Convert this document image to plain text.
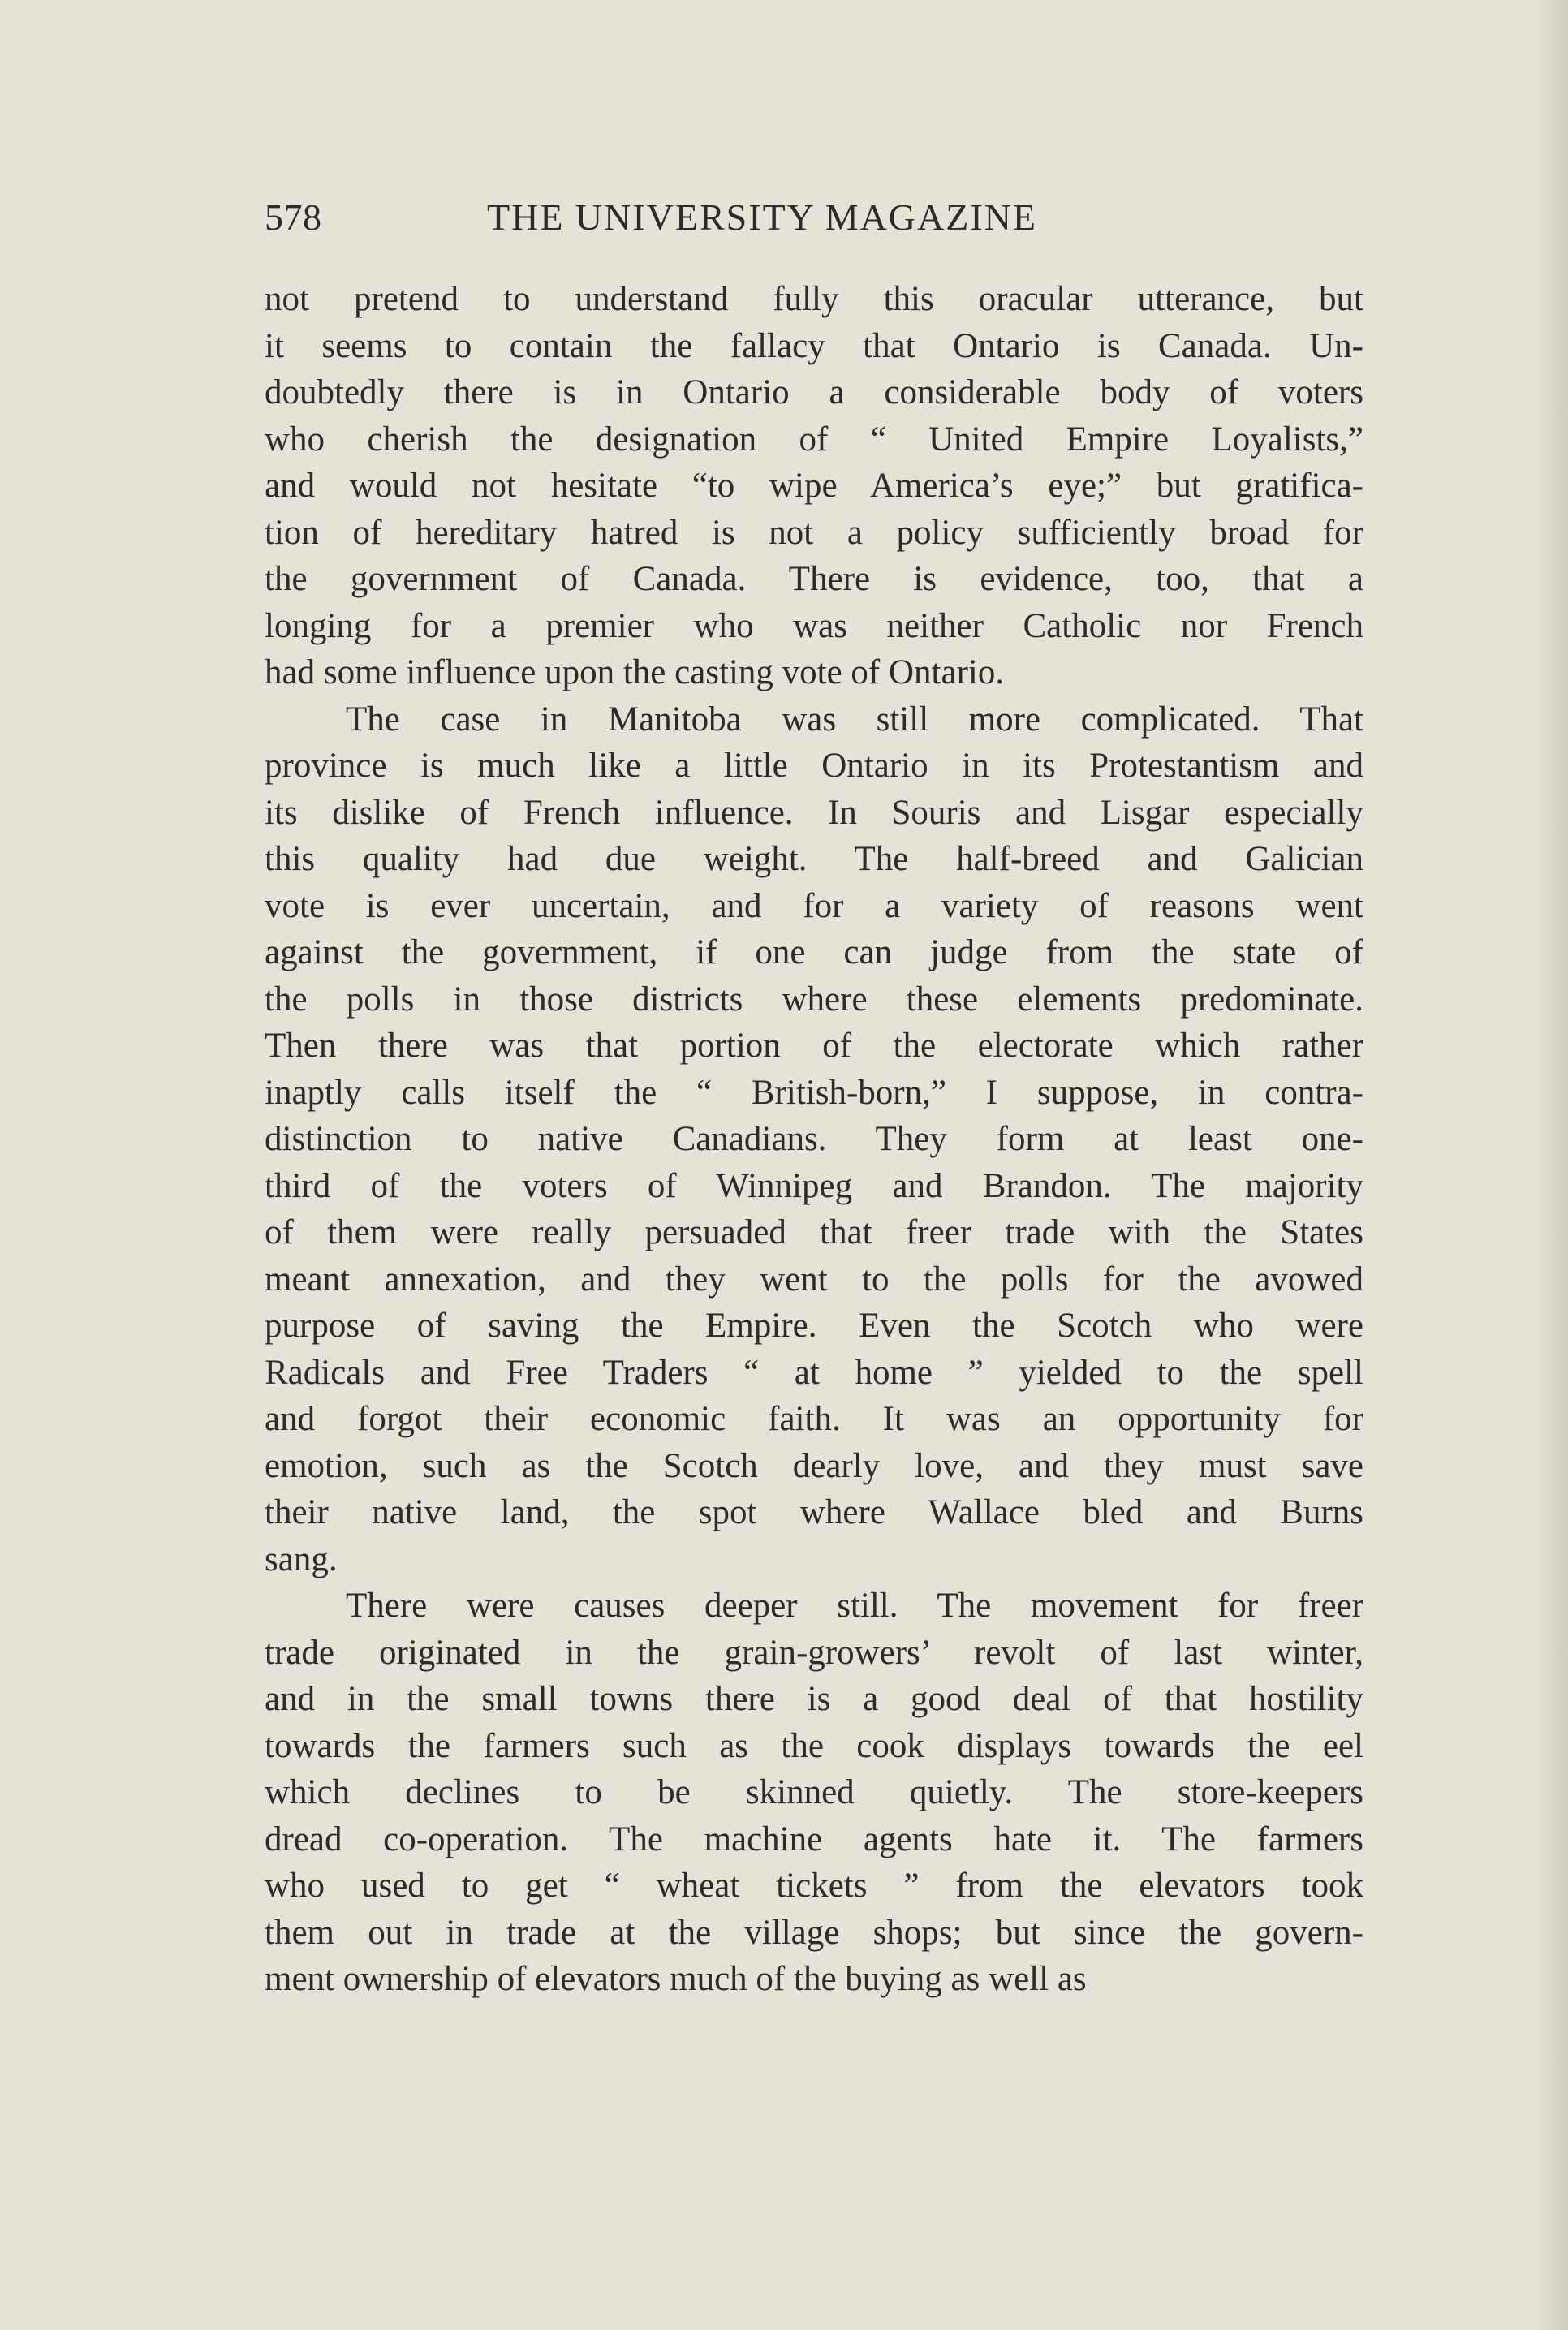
578	THE UNIVERSITY MAGAZINE
not pretend to understand fully this oracular utterance, but
it seems to contain the fallacy that Ontario is Canada. Un-
doubtedly there is in Ontario a considerable body of voters
who cherish the designation of “ United Empire Loyalists,”
and would not hesitate “to wipe America’s eye;” but gratifica-
tion of hereditary hatred is not a policy sufficiently broad for
the government of Canada. There is evidence, too, that a
longing for a premier who was neither Catholic nor French
had some influence upon the casting vote of Ontario.
The case in Manitoba was still more complicated. That
province is much like a little Ontario in its Protestantism and
its dislike of French influence. In Souris and Lisgar especially
this quality had due weight. The half-breed and Galician
vote is ever uncertain, and for a variety of reasons went
against the government, if one can judge from the state of
the polls in those districts where these elements predominate.
Then there was that portion of the electorate which rather
inaptly calls itself the “ British-born,” I suppose, in contra-
distinction to native Canadians. They form at least one-
third of the voters of Winnipeg and Brandon. The majority
of them were really persuaded that freer trade with the States
meant annexation, and they went to the polls for the avowed
purpose of saving the Empire. Even the Scotch who were
Radicals and Free Traders “ at home ” yielded to the spell
and forgot their economic faith. It was an opportunity for
emotion, such as the Scotch dearly love, and they must save
their native land, the spot where Wallace bled and Burns
sang.
There were causes deeper still. The movement for freer
trade originated in the grain-growers’ revolt of last winter,
and in the small towns there is a good deal of that hostility
towards the farmers such as the cook displays towards the eel
which declines to be skinned quietly. The store-keepers
dread co-operation. The machine agents hate it. The farmers
who used to get “ wheat tickets ” from the elevators took
them out in trade at the village shops; but since the govern-
ment ownership of elevators much of the buying as well as
